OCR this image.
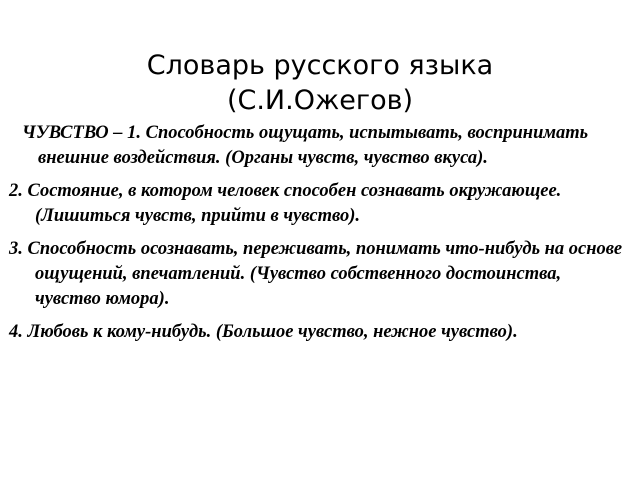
Словарь русского языка
(С.И.Ожегов)
ЧУВСТВО – 1. Способность ощущать, испытывать, воспринимать внешние воздействия. (Органы чувств, чувство вкуса).
2. Состояние, в котором человек способен сознавать окружающее. (Лишиться чувств, прийти в чувство).
3. Способность осознавать, переживать, понимать что-нибудь на основе ощущений, впечатлений. (Чувство собственного достоинства, чувство юмора).
4. Любовь к кому-нибудь. (Большое чувство, нежное чувство).
